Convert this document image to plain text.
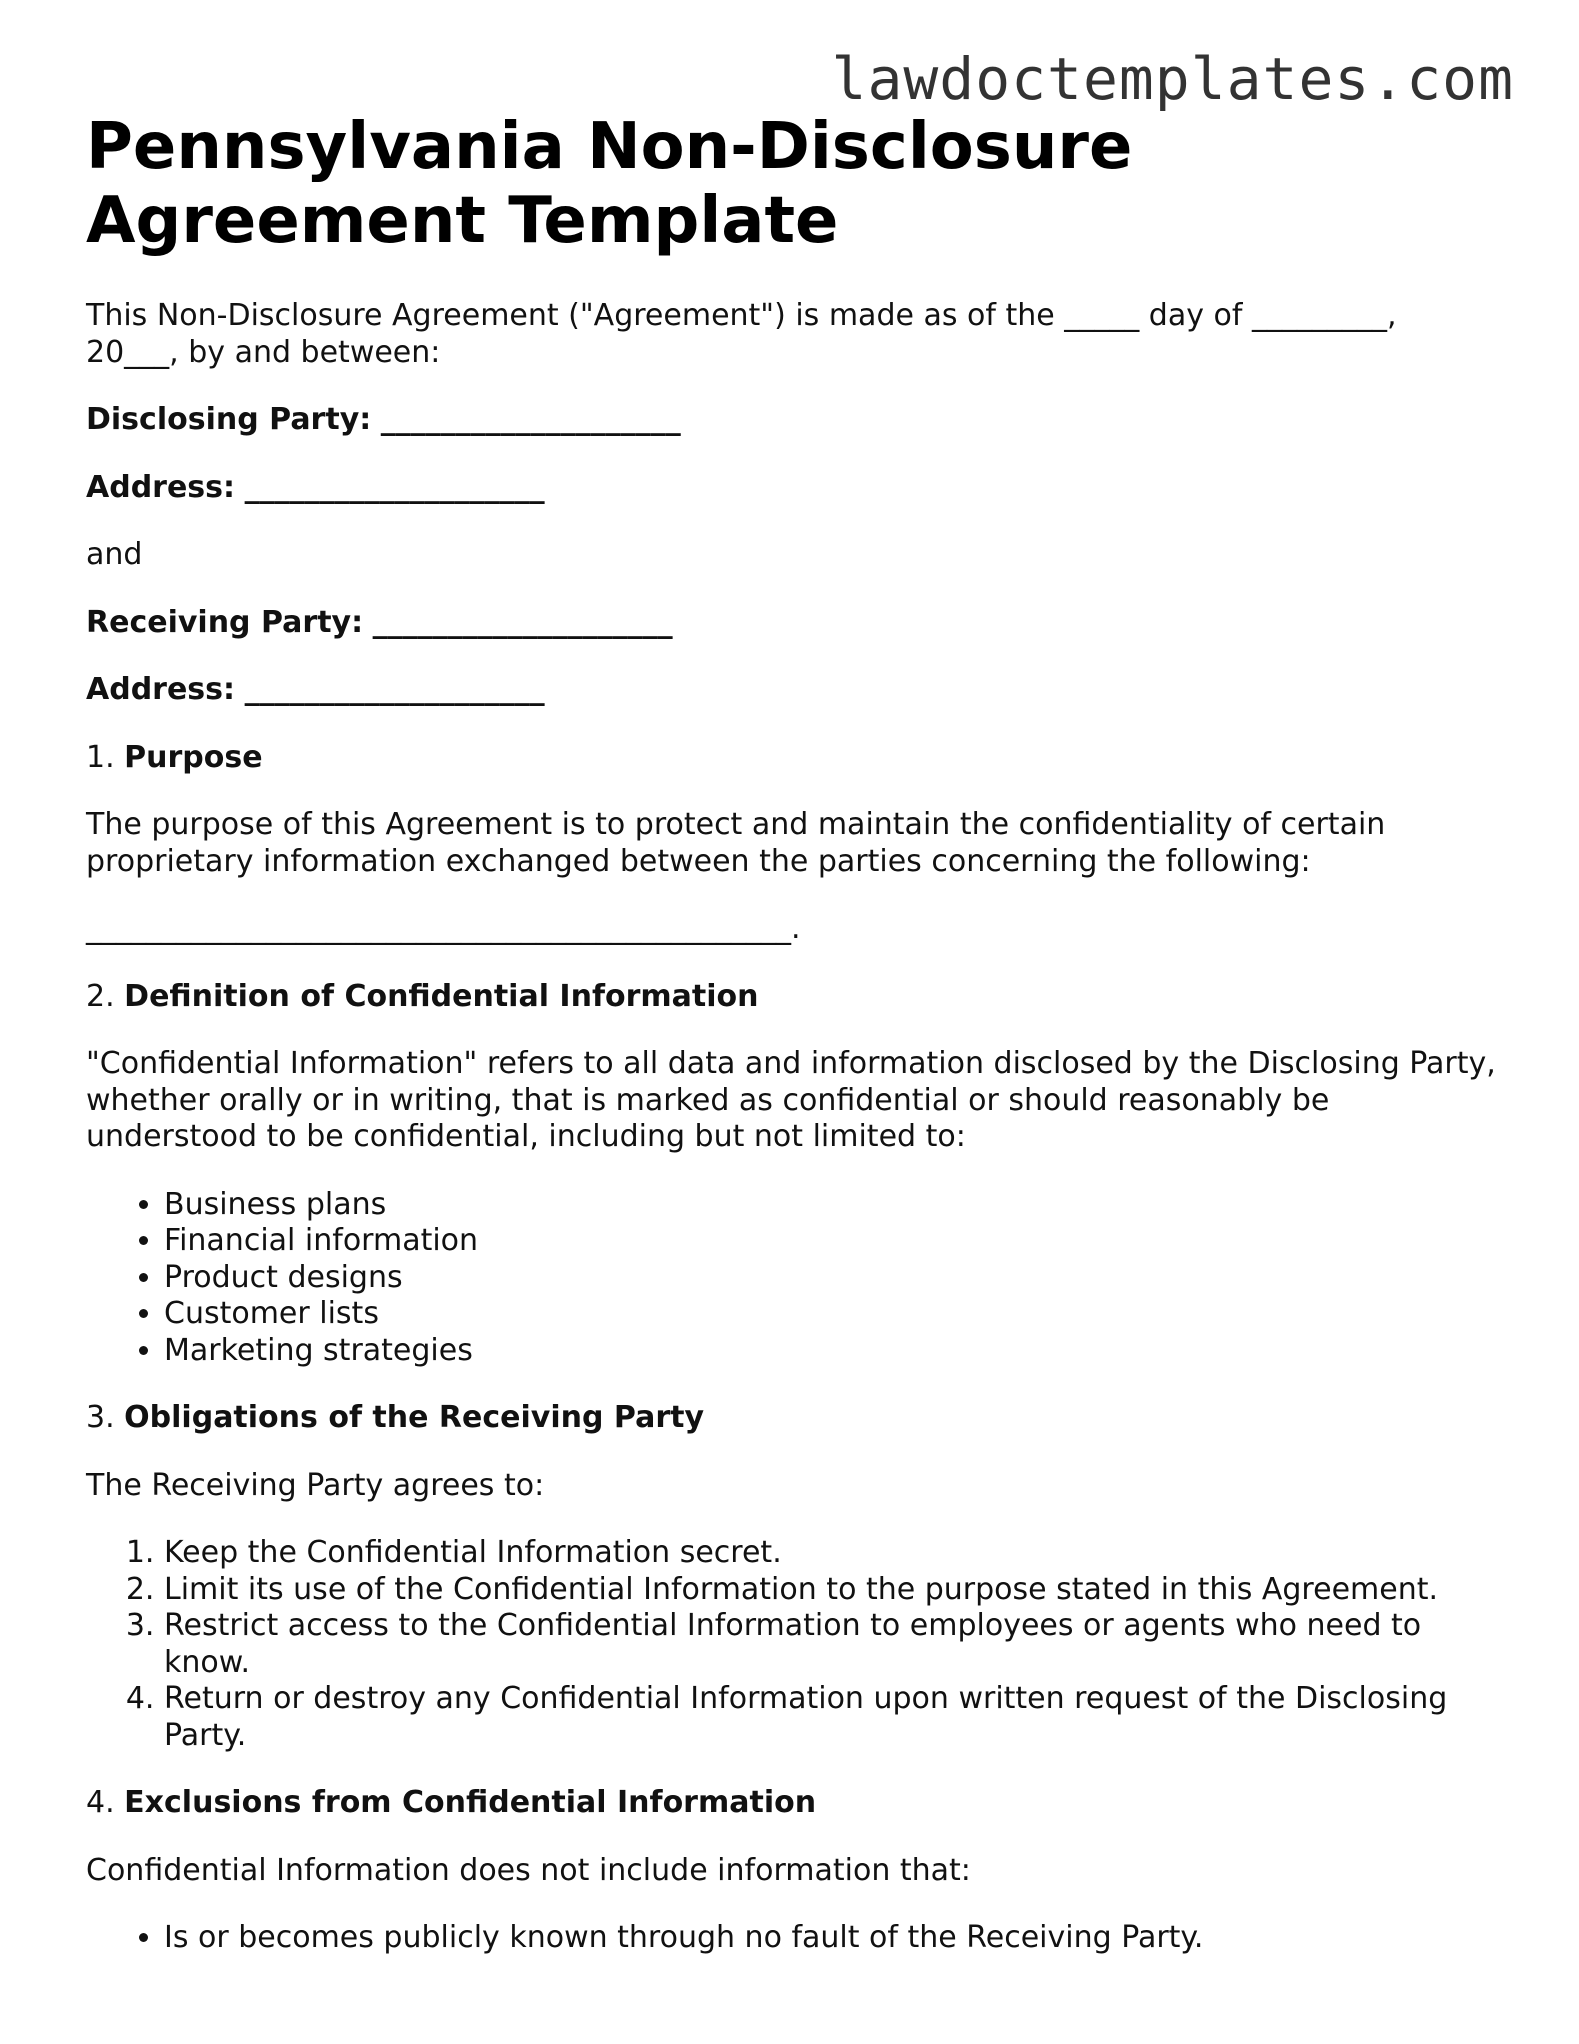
lawdoctemplates.com
Pennsylvania Non-Disclosure Agreement Template

This Non-Disclosure Agreement ("Agreement") is made as of the _____ day of _________, 20___, by and between:

Disclosing Party: ____________________

Address: ____________________

and

Receiving Party: ____________________

Address: ____________________

1. Purpose

The purpose of this Agreement is to protect and maintain the confidentiality of certain proprietary information exchanged between the parties concerning the following:

_______________________________________________.

2. Definition of Confidential Information

"Confidential Information" refers to all data and information disclosed by the Disclosing Party, whether orally or in writing, that is marked as confidential or should reasonably be understood to be confidential, including but not limited to:

• Business plans
• Financial information
• Product designs
• Customer lists
• Marketing strategies

3. Obligations of the Receiving Party

The Receiving Party agrees to:

1. Keep the Confidential Information secret.
2. Limit its use of the Confidential Information to the purpose stated in this Agreement.
3. Restrict access to the Confidential Information to employees or agents who need to know.
4. Return or destroy any Confidential Information upon written request of the Disclosing Party.

4. Exclusions from Confidential Information

Confidential Information does not include information that:

• Is or becomes publicly known through no fault of the Receiving Party.
